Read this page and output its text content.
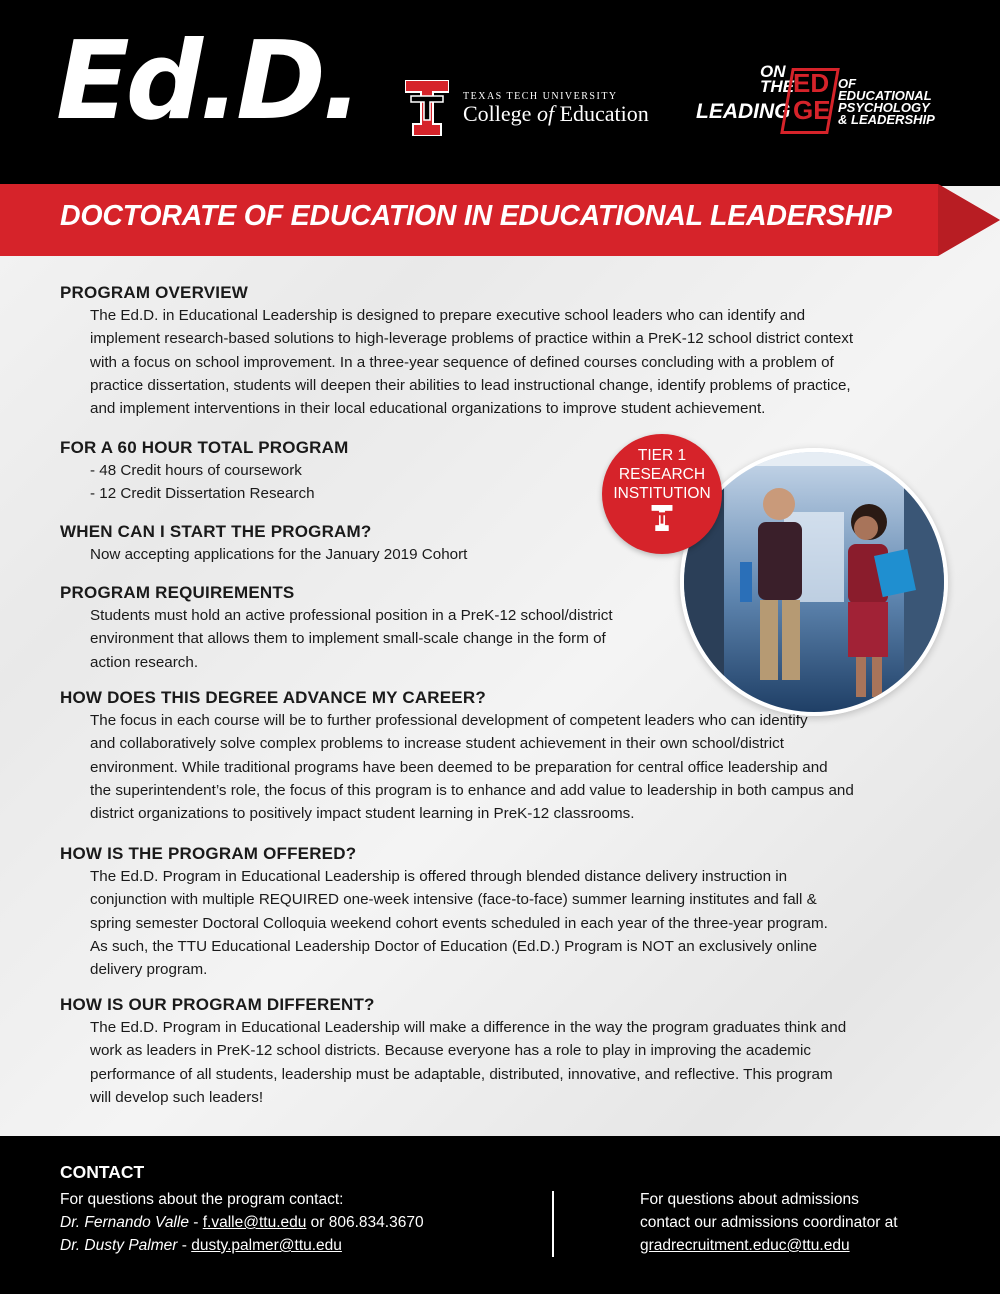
Ed.D.	TEXAS TECH UNIVERSITY
College of Education
ON
THE
LEADING
ED
GE
OF
EDUCATIONAL
PSYCHOLOGY
& LEADERSHIP
DOCTORATE OF EDUCATION IN EDUCATIONAL LEADERSHIP
PROGRAM OVERVIEW
The Ed.D. in Educational Leadership is designed to prepare executive school leaders who can identify and
implement research-based solutions to high-leverage problems of practice within a PreK-12 school district context
with a focus on school improvement. In a three-year sequence of defined courses concluding with a problem of
practice dissertation, students will deepen their abilities to lead instructional change, identify problems of practice,
and implement interventions in their local educational organizations to improve student achievement.
FOR A 60 HOUR TOTAL PROGRAM
- 48 Credit hours of coursework
- 12 Credit Dissertation Research
WHEN CAN I START THE PROGRAM?
Now accepting applications for the January 2019 Cohort
PROGRAM REQUIREMENTS
Students must hold an active professional position in a PreK-12 school/district
environment that allows them to implement small-scale change in the form of
action research.
HOW DOES THIS DEGREE ADVANCE MY CAREER?
The focus in each course will be to further professional development of competent leaders who can identify
and collaboratively solve complex problems to increase student achievement in their own school/district
environment. While traditional programs have been deemed to be preparation for central office leadership and
the superintendent’s role, the focus of this program is to enhance and add value to leadership in both campus and
district organizations to positively impact student learning in PreK-12 classrooms.
HOW IS THE PROGRAM OFFERED?
The Ed.D. Program in Educational Leadership is offered through blended distance delivery instruction in
conjunction with multiple REQUIRED one-week intensive (face-to-face) summer learning institutes and fall &
spring semester Doctoral Colloquia weekend cohort events scheduled in each year of the three-year program.
As such, the TTU Educational Leadership Doctor of Education (Ed.D.) Program is NOT an exclusively online
delivery program.
HOW IS OUR PROGRAM DIFFERENT?
The Ed.D. Program in Educational Leadership will make a difference in the way the program graduates think and
work as leaders in PreK-12 school districts. Because everyone has a role to play in improving the academic
performance of all students, leadership must be adaptable, distributed, innovative, and reflective. This program
will develop such leaders!
TIER 1
RESEARCH
INSTITUTION
CONTACT
For questions about the program contact:
Dr. Fernando Valle - f.valle@ttu.edu or 806.834.3670
Dr. Dusty Palmer - dusty.palmer@ttu.edu
For questions about admissions
contact our admissions coordinator at
gradrecruitment.educ@ttu.edu
